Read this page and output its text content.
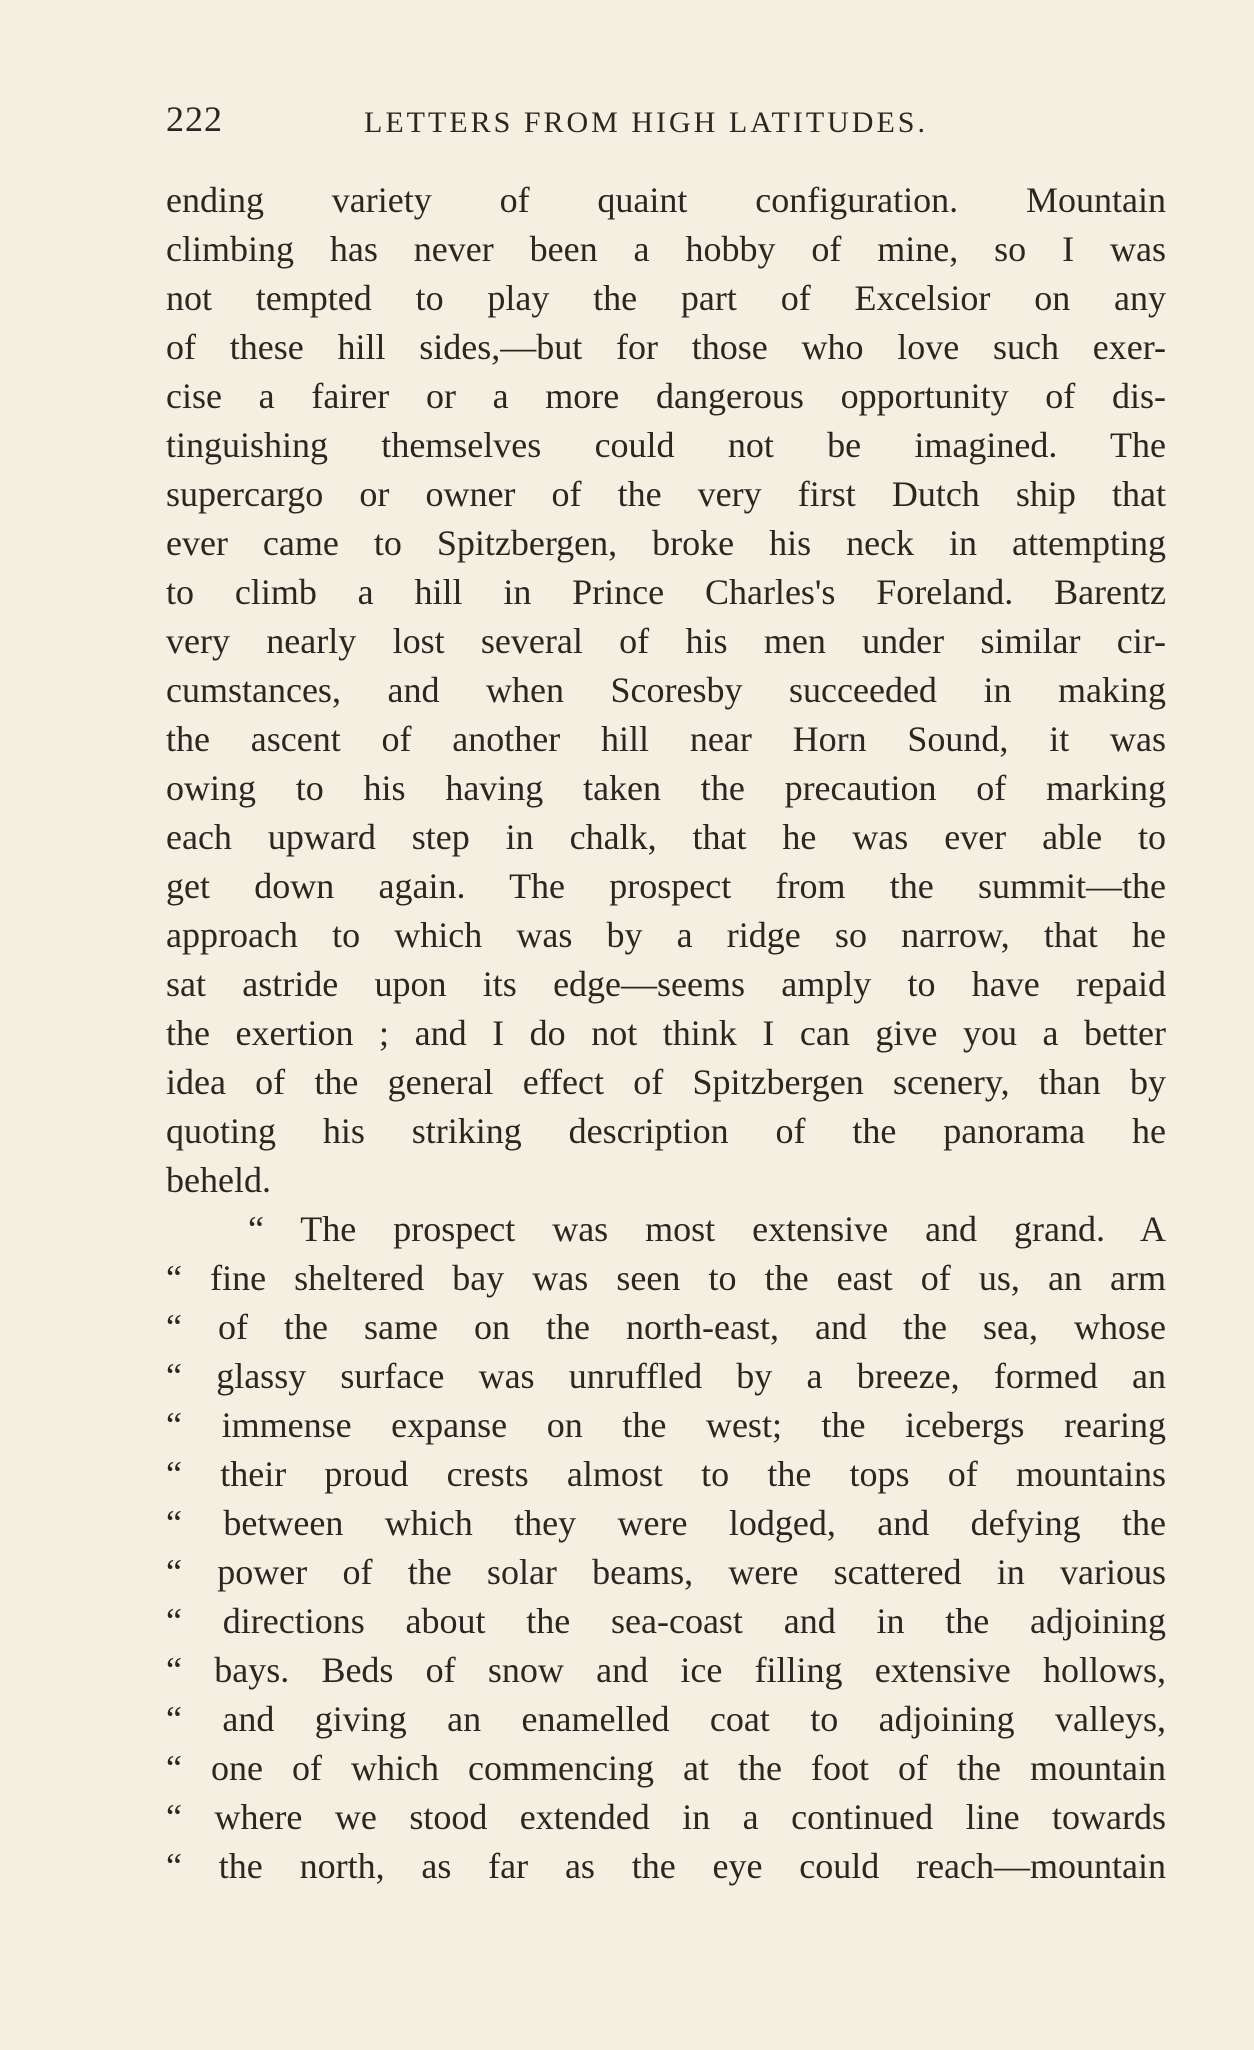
222	LETTERS FROM HIGH LATITUDES.
ending variety of quaint configuration. Mountain
climbing has never been a hobby of mine, so I was
not tempted to play the part of Excelsior on any
of these hill sides,—but for those who love such exer-
cise a fairer or a more dangerous opportunity of dis-
tinguishing themselves could not be imagined. The
supercargo or owner of the very first Dutch ship that
ever came to Spitzbergen, broke his neck in attempting
to climb a hill in Prince Charles's Foreland. Barentz
very nearly lost several of his men under similar cir-
cumstances, and when Scoresby succeeded in making
the ascent of another hill near Horn Sound, it was
owing to his having taken the precaution of marking
each upward step in chalk, that he was ever able to
get down again. The prospect from the summit—the
approach to which was by a ridge so narrow, that he
sat astride upon its edge—seems amply to have repaid
the exertion ; and I do not think I can give you a better
idea of the general effect of Spitzbergen scenery, than by
quoting his striking description of the panorama he
beheld.
“ The prospect was most extensive and grand. A
“ fine sheltered bay was seen to the east of us, an arm
“ of the same on the north-east, and the sea, whose
“ glassy surface was unruffled by a breeze, formed an
“ immense expanse on the west; the icebergs rearing
“ their proud crests almost to the tops of mountains
“ between which they were lodged, and defying the
“ power of the solar beams, were scattered in various
“ directions about the sea-coast and in the adjoining
“ bays. Beds of snow and ice filling extensive hollows,
“ and giving an enamelled coat to adjoining valleys,
“ one of which commencing at the foot of the mountain
“ where we stood extended in a continued line towards
“ the north, as far as the eye could reach—mountain
